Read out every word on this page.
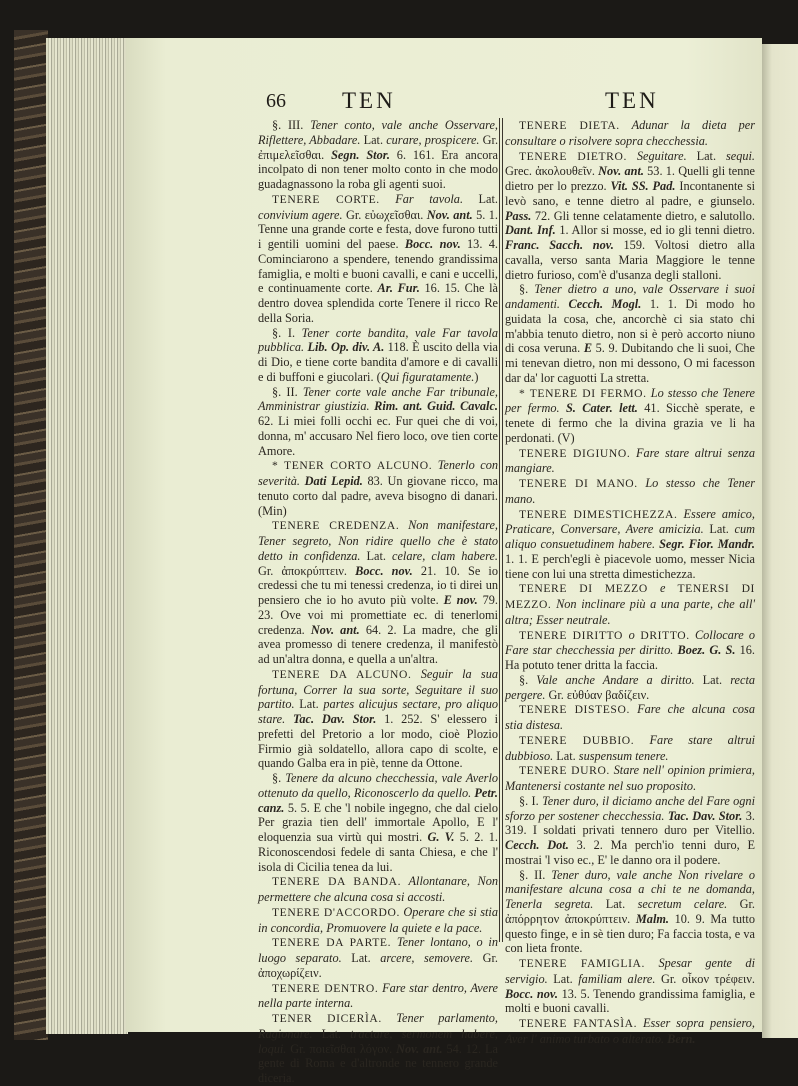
66 TEN	TEN

§. III. Tener conto, vale anche Osservare, Riflettere, Abbadare. Lat. curare, prospicere. Gr. ἐπιμελεῖσθαι. Segn. Stor. 6. 161. Era ancora incolpato di non tener molto conto in che modo guadagnassono la roba gli agenti suoi.

TENERE CORTE. Far tavola. Lat. convivium agere. Gr. εὐωχεῖσθαι. Nov. ant. 5. 1. Tenne una grande corte e festa, dove furono tutti i gentili uomini del paese. Bocc. nov. 13. 4. Cominciarono a spendere, tenendo grandissima famiglia, e molti e buoni cavalli, e cani e uccelli, e continuamente corte. Ar. Fur. 16. 15. Che là dentro dovea splendida corte Tenere il ricco Re della Soria.

§. I. Tener corte bandita, vale Far tavola pubblica. Lib. Op. div. A. 118. È uscito della via di Dio, e tiene corte bandita d'amore e di cavalli e di buffoni e giucolari. (Qui figuratamente.)

§. II. Tener corte vale anche Far tribunale, Amministrar giustizia. Rim. ant. Guid. Cavalc. 62. Li miei folli occhi ec. Fur quei che di voi, donna, m' accusaro Nel fiero loco, ove tien corte Amore.

* TENER CORTO ALCUNO. Tenerlo con severità. Dati Lepid. 83. Un giovane ricco, ma tenuto corto dal padre, aveva bisogno di danari. (Min)

TENERE CREDENZA. Non manifestare, Tener segreto, Non ridire quello che è stato detto in confidenza. Lat. celare, clam habere. Gr. ἀποκρύπτειν. Bocc. nov. 21. 10. Se io credessi che tu mi tenessi credenza, io ti direi un pensiero che io ho avuto più volte. E nov. 79. 23. Ove voi mi promettiate ec. di tenerlomi credenza. Nov. ant. 64. 2. La madre, che gli avea promesso di tenere credenza, il manifestò ad un'altra donna, e quella a un'altra.

TENERE DA ALCUNO. Seguir la sua fortuna, Correr la sua sorte, Seguitare il suo partito. Lat. partes alicujus sectare, pro aliquo stare. Tac. Dav. Stor. 1. 252. S' elessero i prefetti del Pretorio a lor modo, cioè Plozio Firmio già soldatello, allora capo di scolte, e quando Galba era in piè, tenne da Ottone.

§. Tenere da alcuno checchessia, vale Averlo ottenuto da quello, Riconoscerlo da quello. Petr. canz. 5. 5. E che 'l nobile ingegno, che dal cielo Per grazia tien dell' immortale Apollo, E l' eloquenzia sua virtù qui mostri. G. V. 5. 2. 1. Riconoscendosi fedele di santa Chiesa, e che l' isola di Cicilia tenea da lui.

TENERE DA BANDA. Allontanare, Non permettere che alcuna cosa si accosti.

TENERE D'ACCORDO. Operare che si stia in concordia, Promuovere la quiete e la pace.

TENERE DA PARTE. Tener lontano, o in luogo separato. Lat. arcere, semovere. Gr. ἀποχωρίζειν.

TENERE DENTRO. Fare star dentro, Avere nella parte interna.

TENER DICERÌA. Tener parlamento, Ragionare. Lat. tractare, sermonem habere, loqui. Gr. ποιεῖσθαι λόγον. Nov. ant. 54. 12. La gente di Roma e d'altronde ne tennero grande diceria.

TENERE DIETA. Adunar la dieta per consultare o risolvere sopra checchessia.

TENERE DIETRO. Seguitare. Lat. sequi. Grec. ἀκολουθεῖν. Nov. ant. 53. 1. Quelli gli tenne dietro per lo prezzo. Vit. SS. Pad. Incontanente si levò sano, e tenne dietro al padre, e giunselo. Pass. 72. Gli tenne celatamente dietro, e salutollo. Dant. Inf. 1. Allor si mosse, ed io gli tenni dietro. Franc. Sacch. nov. 159. Voltosi dietro alla cavalla, verso santa Maria Maggiore le tenne dietro furioso, com'è d'usanza degli stalloni.

§. Tener dietro a uno, vale Osservare i suoi andamenti. Cecch. Mogl. 1. 1. Di modo ho guidata la cosa, che, ancorchè ci sia stato chi m'abbia tenuto dietro, non si è però accorto niuno di cosa veruna. E 5. 9. Dubitando che li suoi, Che mi tenevan dietro, non mi dessono, O mi facesson dar da' lor caguotti La stretta.

* TENERE DI FERMO. Lo stesso che Tenere per fermo. S. Cater. lett. 41. Sicchè sperate, e tenete di fermo che la divina grazia ve li ha perdonati. (V)

TENERE DIGIUNO. Fare stare altrui senza mangiare.

TENERE DI MANO. Lo stesso che Tener mano.

TENERE DIMESTICHEZZA. Essere amico, Praticare, Conversare, Avere amicizia. Lat. cum aliquo consuetudinem habere. Segr. Fior. Mandr. 1. 1. E perch'egli è piacevole uomo, messer Nicia tiene con lui una stretta dimestichezza.

TENERE DI MEZZO e TENERSI DI MEZZO. Non inclinare più a una parte, che all' altra; Esser neutrale.

TENERE DIRITTO o DRITTO. Collocare o Fare star checchessia per diritto. Boez. G. S. 16. Ha potuto tener dritta la faccia.

§. Vale anche Andare a diritto. Lat. recta pergere. Gr. εὐθύαν βαδίζειν.

TENERE DISTESO. Fare che alcuna cosa stia distesa.

TENERE DUBBIO. Fare stare altrui dubbioso. Lat. suspensum tenere.

TENERE DURO. Stare nell' opinion primiera, Mantenersi costante nel suo proposito.

§. I. Tener duro, il diciamo anche del Fare ogni sforzo per sostener checchessia. Tac. Dav. Stor. 3. 319. I soldati privati tennero duro per Vitellio. Cecch. Dot. 3. 2. Ma perch'io tenni duro, E mostrai 'l viso ec., E' le danno ora il podere.

§. II. Tener duro, vale anche Non rivelare o manifestare alcuna cosa a chi te ne domanda, Tenerla segreta. Lat. secretum celare. Gr. ἀπόρρητον ἀποκρύπτειν. Malm. 10. 9. Ma tutto questo finge, e in sè tien duro; Fa faccia tosta, e va con lieta fronte.

TENERE FAMIGLIA. Spesar gente di servigio. Lat. familiam alere. Gr. οἶκον τρέφειν. Bocc. nov. 13. 5. Tenendo grandissima famiglia, e molti e buoni cavalli.

TENERE FANTASÌA. Esser sopra pensiero, Aver l' animo turbato o alterato. Bern.
